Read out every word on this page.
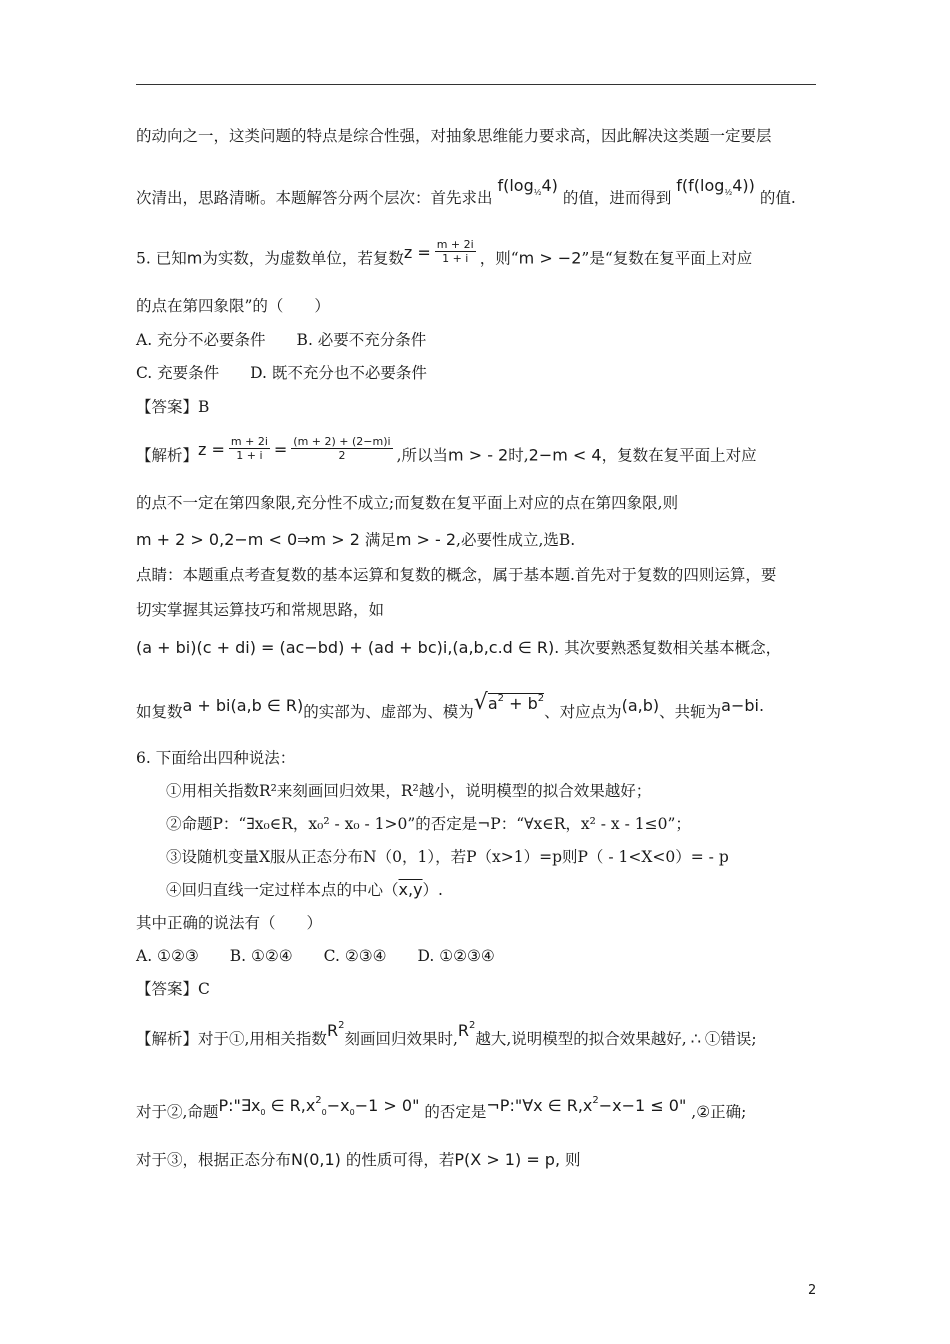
的动向之一，这类问题的特点是综合性强，对抽象思维能力要求高，因此解决这类题一定要层
次清出，思路清晰。本题解答分两个层次：首先求出 $f(\log_{\frac{1}{2}}4)$ 的值，进而得到 $f(f(\log_{\frac{1}{2}}4))$ 的值.
5. 已知m为实数，为虚数单位，若复数$z = \frac{m + 2i}{1 + i}$ ，则“m > −2”是“复数在复平面上对应
的点在第四象限”的（　　）
A. 充分不必要条件　　B. 必要不充分条件
C. 充要条件　　D. 既不充分也不必要条件
【答案】B
【解析】$z = \frac{m + 2i}{1 + i} = \frac{(m + 2) + (2-m)i}{2}$ ,所以当m > - 2时,2−m < 4，复数在复平面上对应
的点不一定在第四象限,充分性不成立;而复数在复平面上对应的点在第四象限,则
m + 2 > 0,2−m < 0⇒m > 2 满足m > - 2,必要性成立,选B.
点睛：本题重点考查复数的基本运算和复数的概念，属于基本题.首先对于复数的四则运算，要
切实掌握其运算技巧和常规思路，如
(a + bi)(c + di) = (ac−bd) + (ad + bc)i,(a,b,c.d ∈ R). 其次要熟悉复数相关基本概念，
如复数a + bi(a,b ∈ R)的实部为、虚部为、模为$√a^2 + b^2$、对应点为(a,b)、共轭为a−bi.
6. 下面给出四种说法：
①用相关指数R²来刻画回归效果，R²越小，说明模型的拟合效果越好；
②命题P：“∃x₀∈R，x₀² - x₀ - 1>0”的否定是¬P：“∀x∈R，x² - x - 1≤0”；
③设随机变量X服从正态分布N（0，1），若P（x>1）=p则P（ - 1<X<0）= - p
④回归直线一定过样本点的中心（x,y）.
其中正确的说法有（　　）
A. ①②③　　B. ①②④　　C. ②③④　　D. ①②③④
【答案】C
【解析】对于①,用相关指数$R^2$刻画回归效果时$,R^2$越大,说明模型的拟合效果越好, ∴ ①错误;
对于②,命题$P:"\exists x_0$ ∈ $R,x^2_0-x_0-1 > 0$" 的否定是¬P:"∀x ∈ $R,x^2-x-1 \le 0$" ,②正确;
对于③，根据正态分布N(0,1) 的性质可得，若P(X > 1) = p, 则
2
